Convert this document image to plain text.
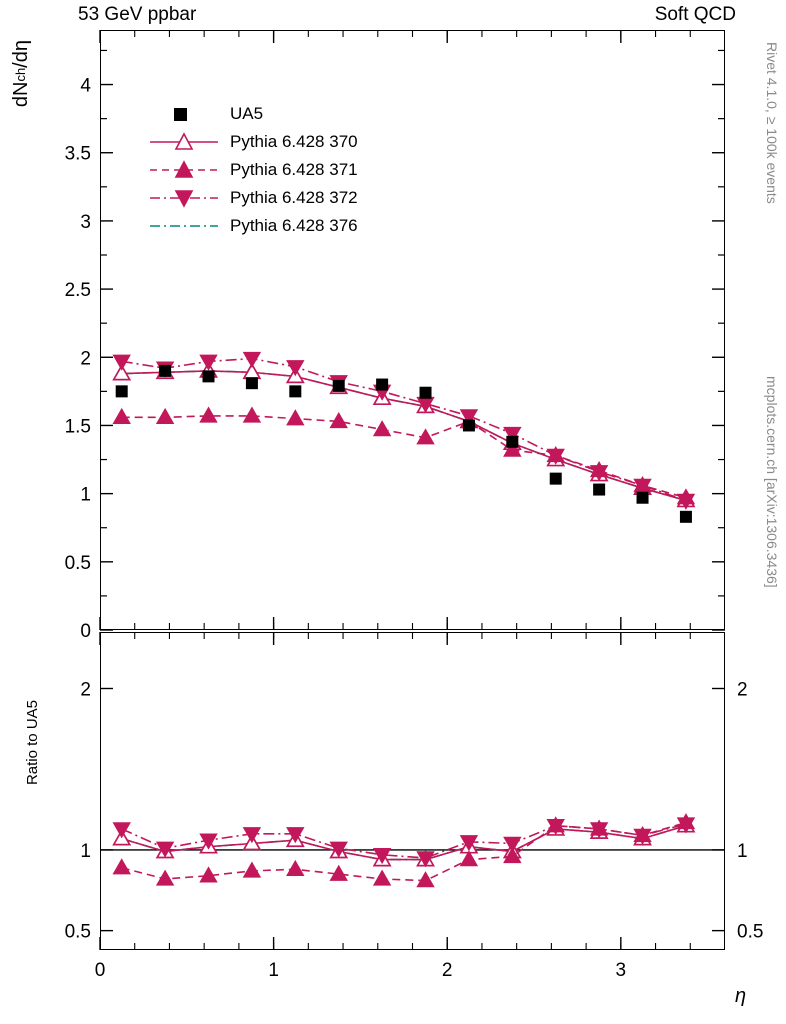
53 GeV ppbar	Soft QCD
Rivet 4.1.0, ≥ 100k events
mcplots.cern.ch [arXiv:1306.3436]
dNch/dη
Ratio to UA5
η
0
0.5
1
1.5
2
2.5
3
3.5
4
0.5	0.5
1	1
2	2
0	1	2	3
UA5
Pythia 6.428 370
Pythia 6.428 371
Pythia 6.428 372
Pythia 6.428 376
